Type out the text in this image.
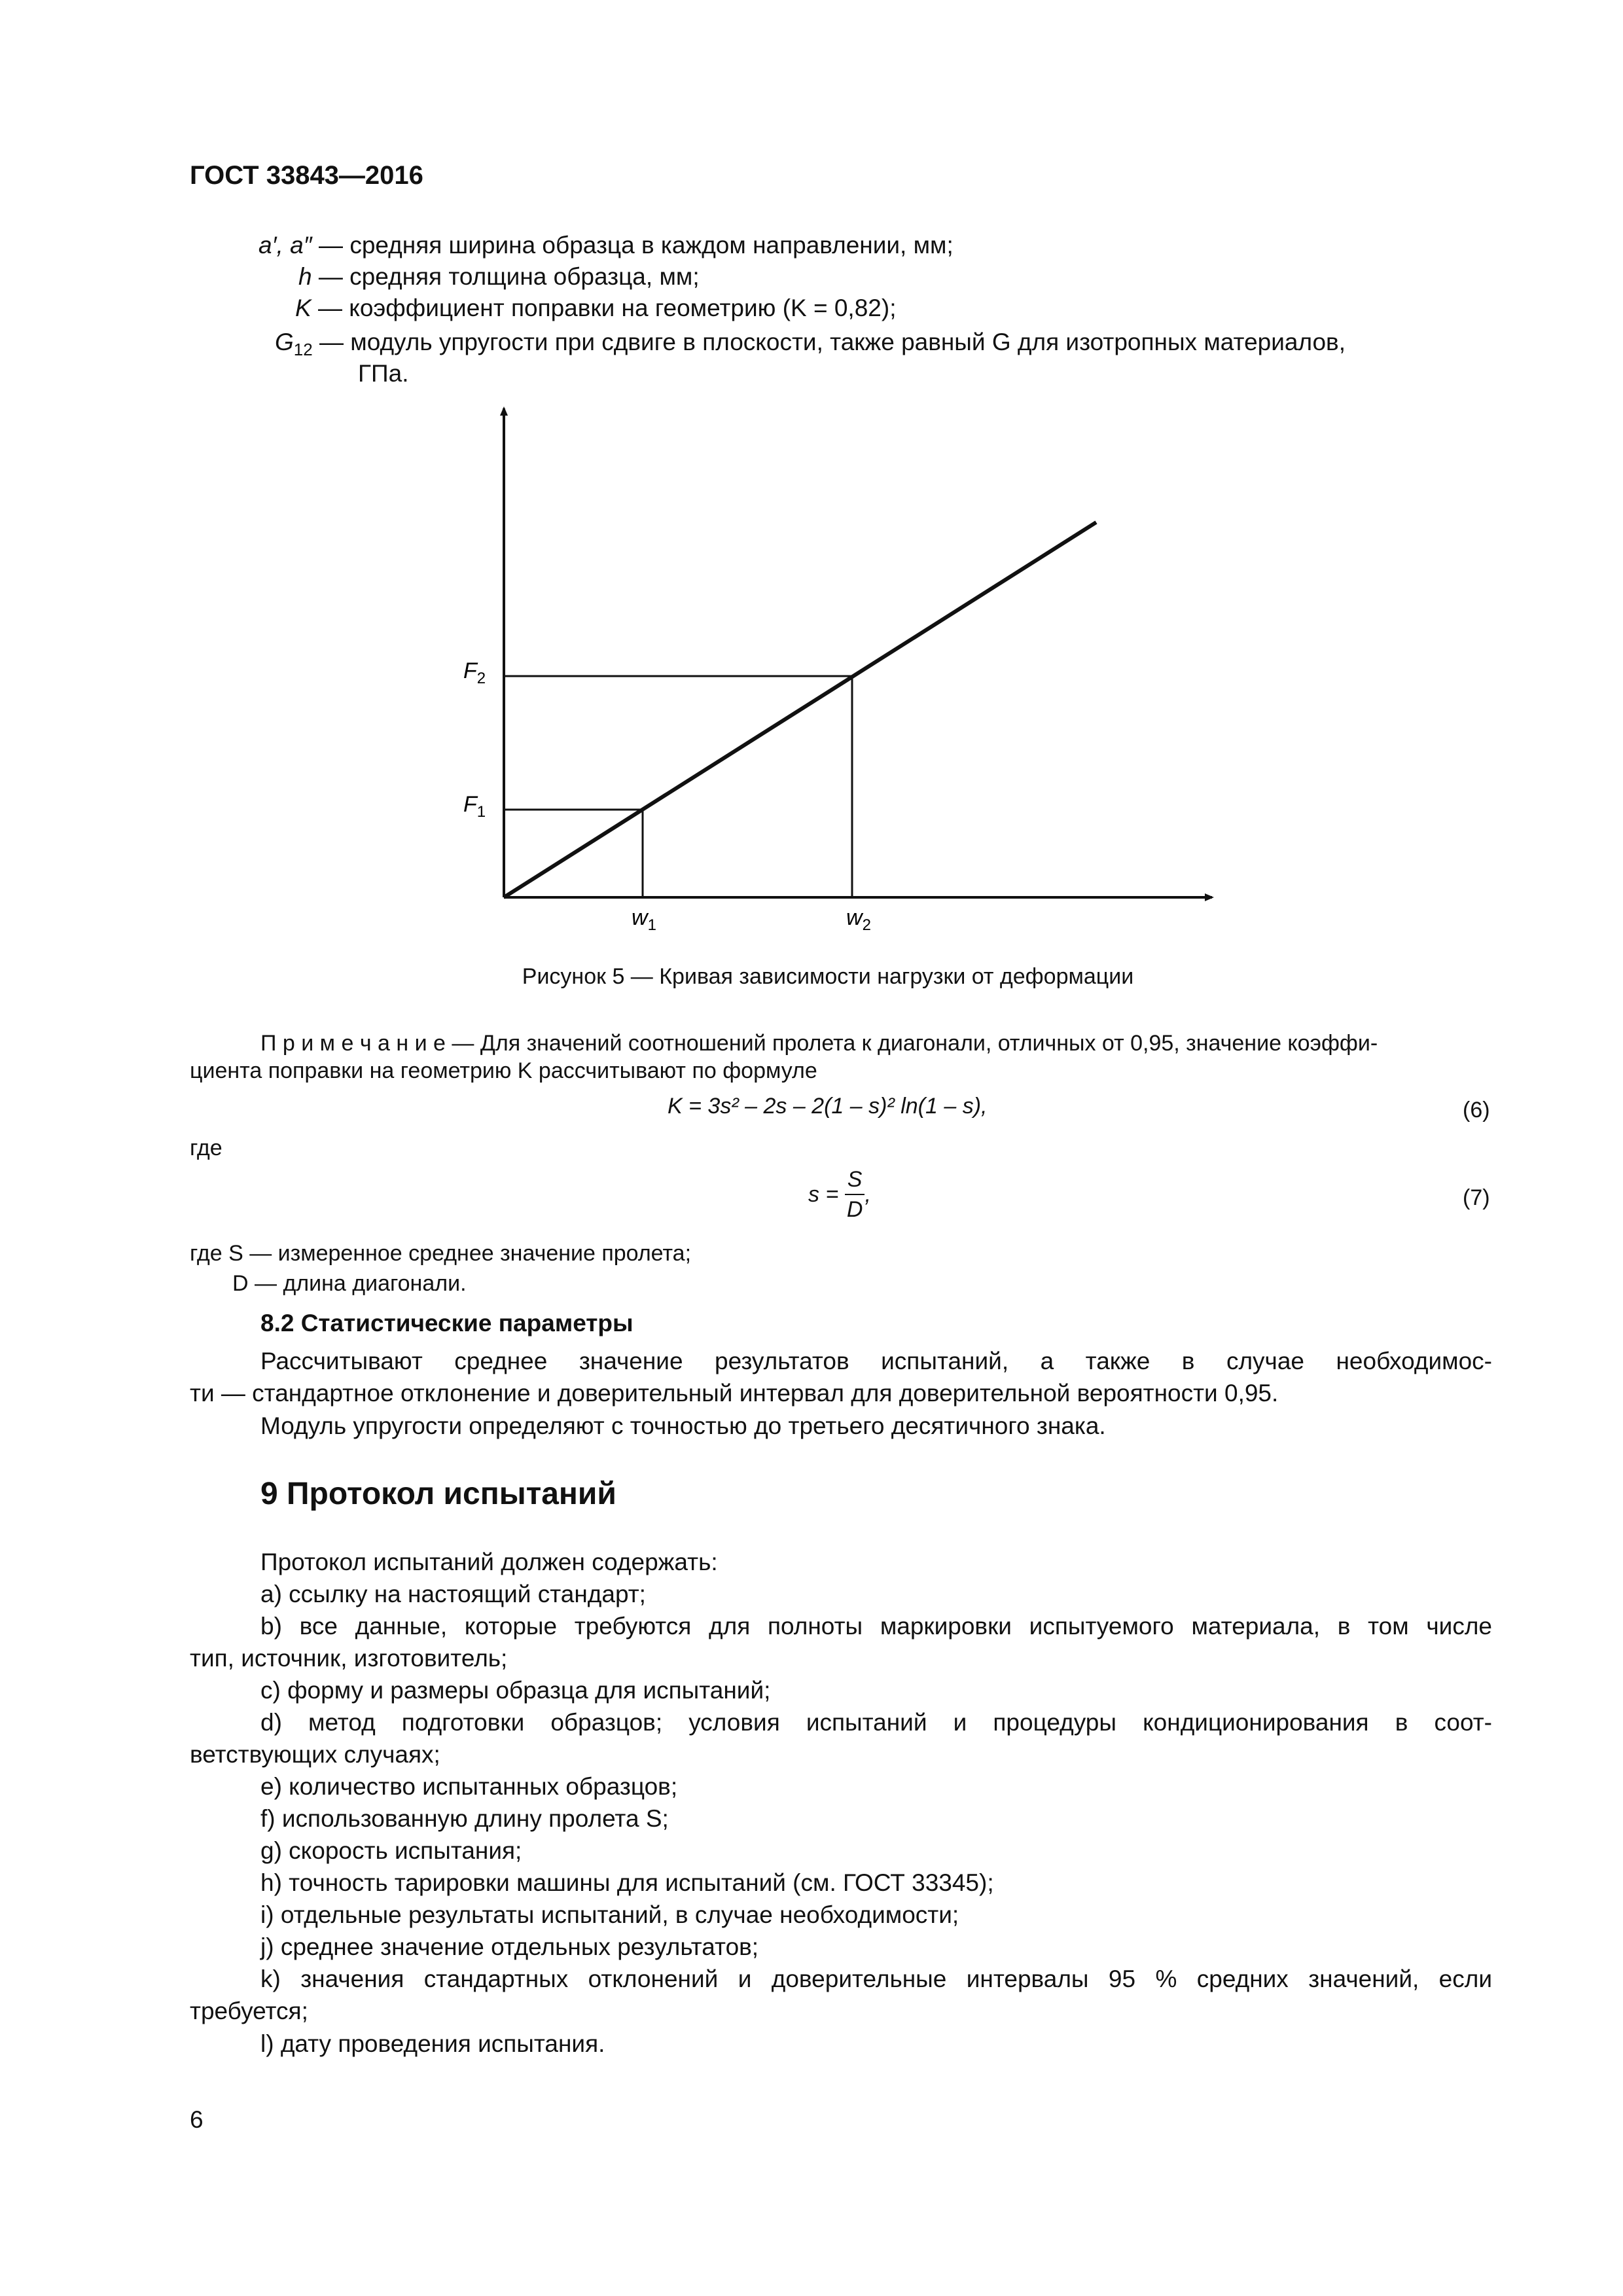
ГОСТ 33843—2016
a′, a″ — средняя ширина образца в каждом направлении, мм;
h — средняя толщина образца, мм;
K — коэффициент поправки на геометрию (K = 0,82);
$G_{12}$ — модуль упругости при сдвиге в плоскости, также равный G для изотропных материалов,
ГПа.
$F_2$
$F_1$
$w_1$	$w_2$
Рисунок 5 — Кривая зависимости нагрузки от деформации
П р и м е ч а н и е — Для значений соотношений пролета к диагонали, отличных от 0,95, значение коэффи-
циента поправки на геометрию K рассчитывают по формуле
K = 3s² – 2s – 2(1 – s)² ln(1 – s),	(6)
где
$s = \frac{S}{D}$ ,	(7)
где S — измеренное среднее значение пролета;
D — длина диагонали.
8.2 Статистические параметры
Рассчитывают среднее значение результатов испытаний, а также в случае необходимос-
ти — стандартное отклонение и доверительный интервал для доверительной вероятности 0,95.
Модуль упругости определяют с точностью до третьего десятичного знака.
9 Протокол испытаний
Протокол испытаний должен содержать:
a) ссылку на настоящий стандарт;
b) все данные, которые требуются для полноты маркировки испытуемого материала, в том числе
тип, источник, изготовитель;
c) форму и размеры образца для испытаний;
d) метод подготовки образцов; условия испытаний и процедуры кондиционирования в соот-
ветствующих случаях;
e) количество испытанных образцов;
f) использованную длину пролета S;
g) скорость испытания;
h) точность тарировки машины для испытаний (см. ГОСТ 33345);
i) отдельные результаты испытаний, в случае необходимости;
j) среднее значение отдельных результатов;
k) значения стандартных отклонений и доверительные интервалы 95 % средних значений, если
требуется;
l) дату проведения испытания.
6
